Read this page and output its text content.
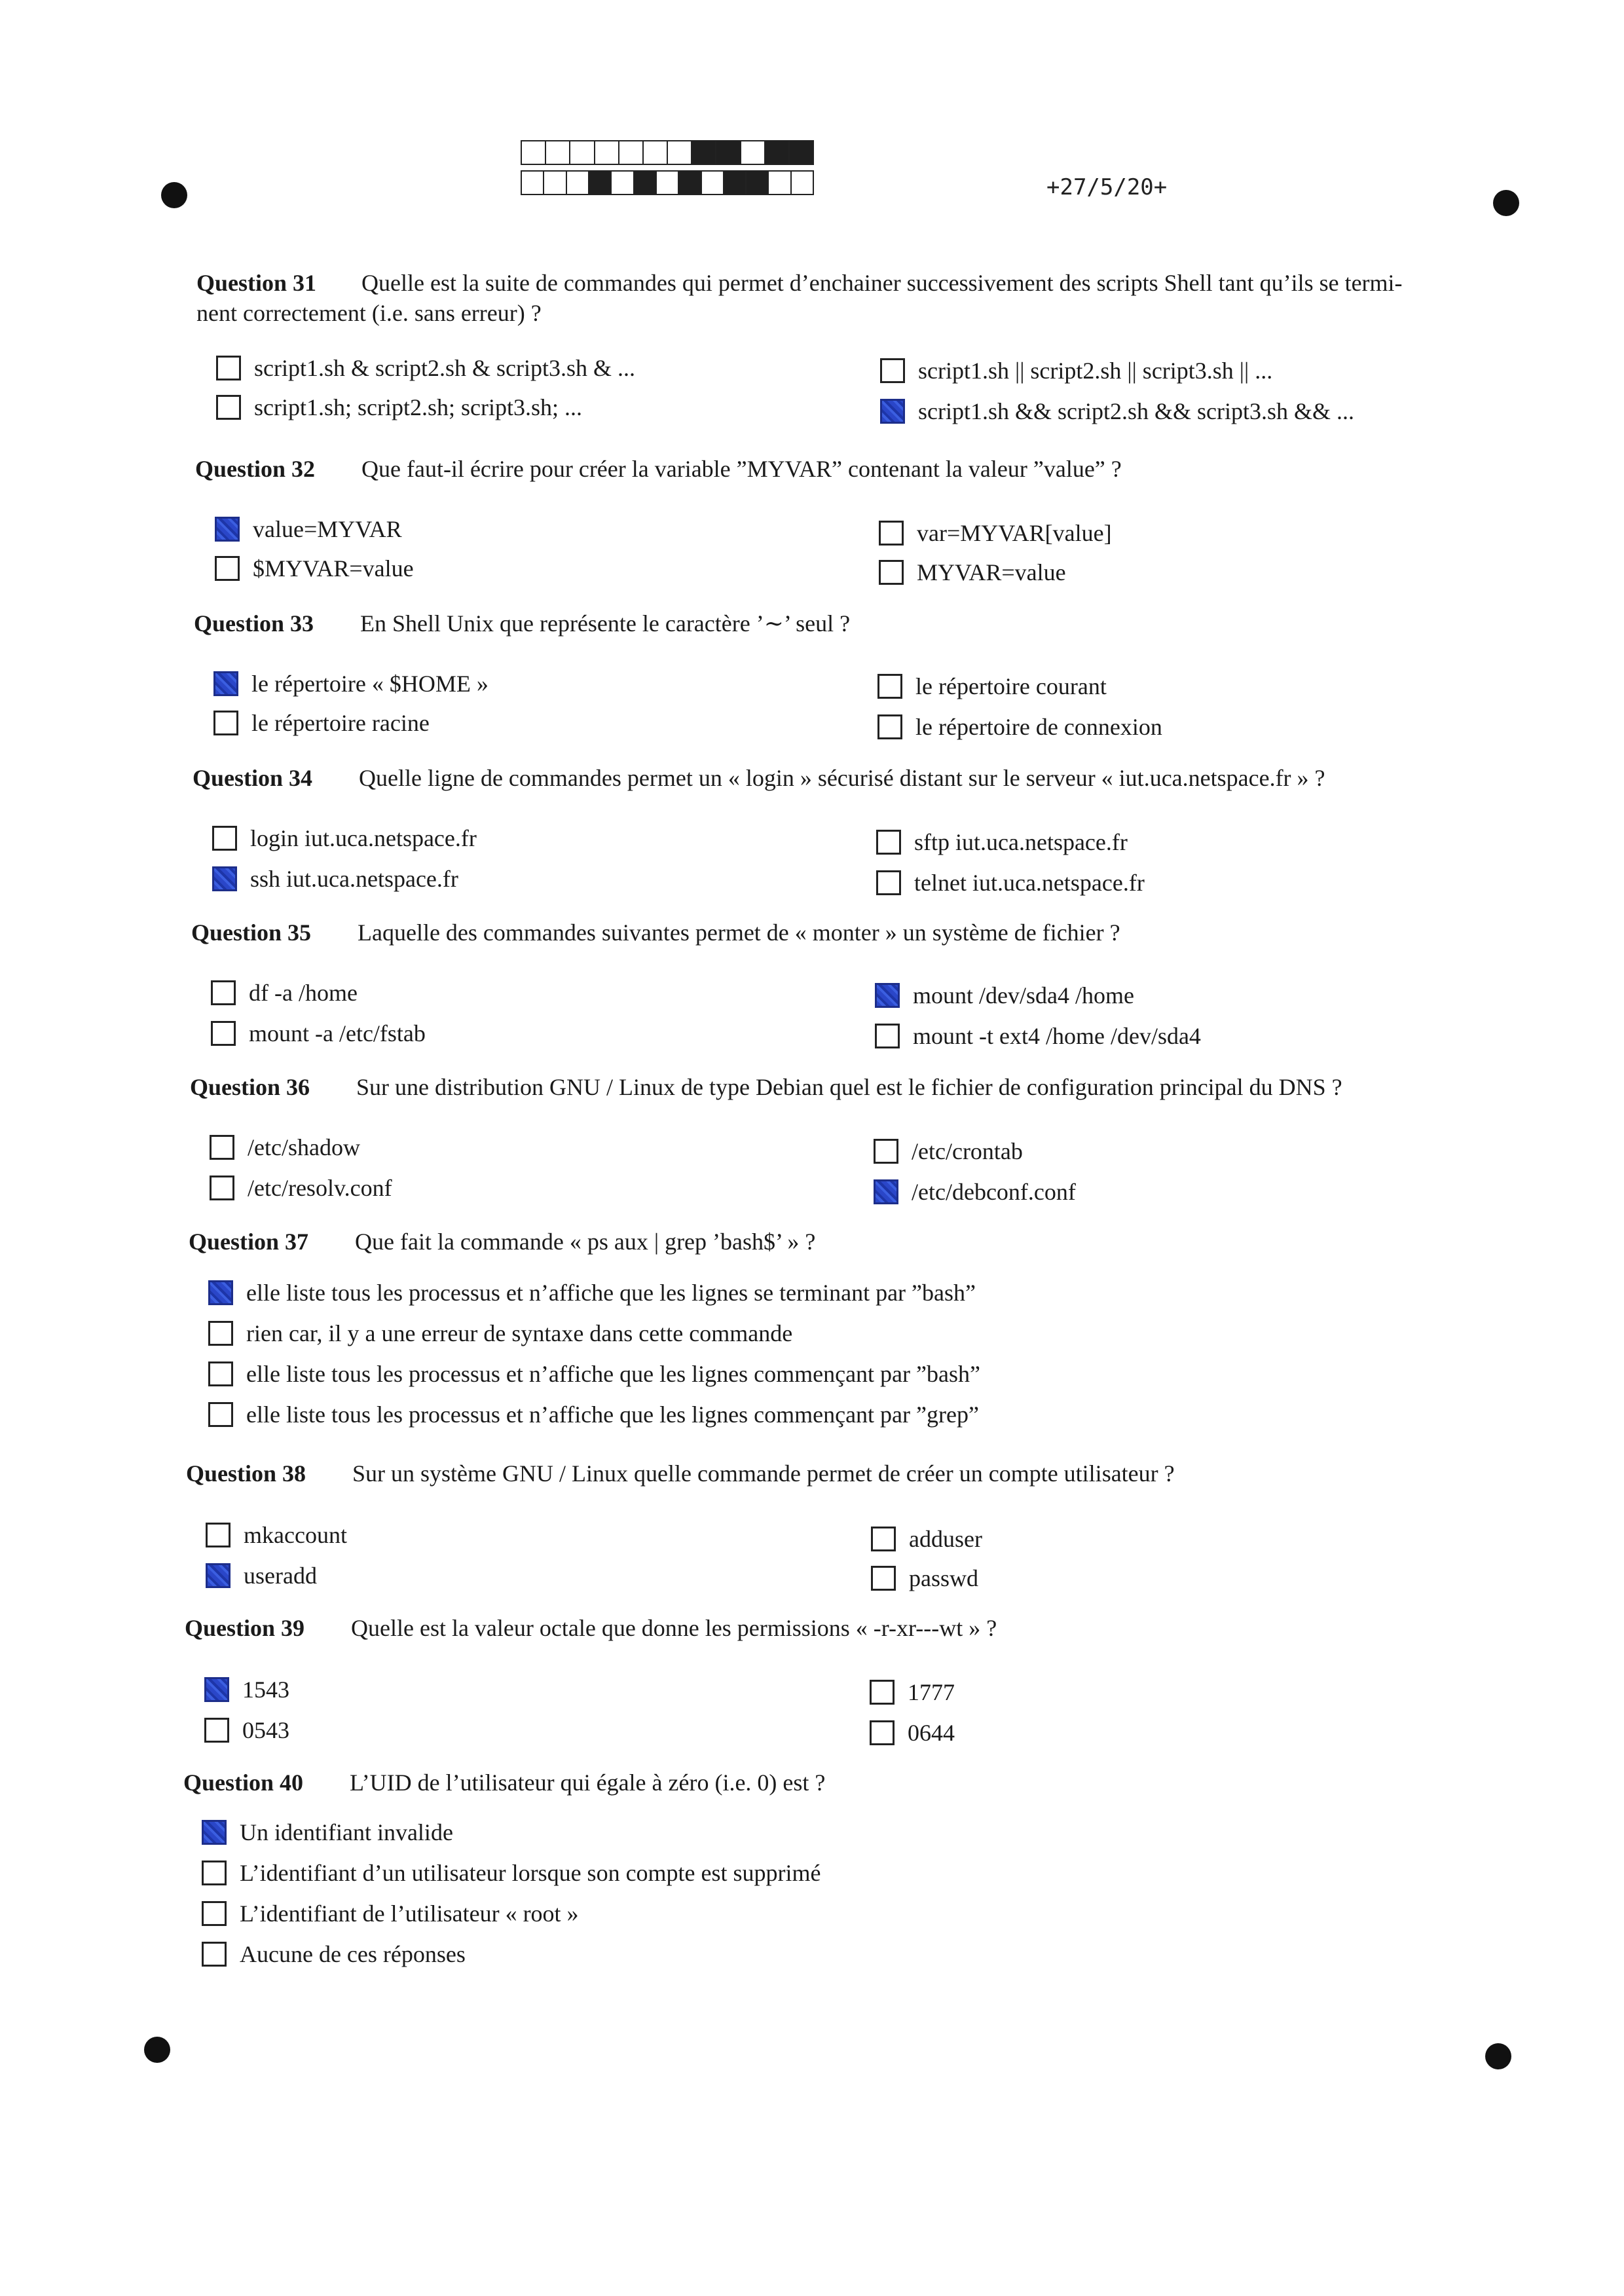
+27/5/20+
Question 31 Quelle est la suite de commandes qui permet d’enchainer successivement des scripts Shell tant qu’ils se termi-
nent correctement (i.e. sans erreur) ?
script1.sh & script2.sh & script3.sh & ...
script1.sh; script2.sh; script3.sh; ...
script1.sh || script2.sh || script3.sh || ...
script1.sh && script2.sh && script3.sh && ...
Question 32 Que faut-il écrire pour créer la variable ”MYVAR” contenant la valeur ”value” ?
value=MYVAR
$MYVAR=value
var=MYVAR[value]
MYVAR=value
Question 33 En Shell Unix que représente le caractère ’∼’ seul ?
le répertoire « $HOME »
le répertoire racine
le répertoire courant
le répertoire de connexion
Question 34 Quelle ligne de commandes permet un « login » sécurisé distant sur le serveur « iut.uca.netspace.fr » ?
login iut.uca.netspace.fr
ssh iut.uca.netspace.fr
sftp iut.uca.netspace.fr
telnet iut.uca.netspace.fr
Question 35 Laquelle des commandes suivantes permet de « monter » un système de fichier ?
df -a /home
mount -a /etc/fstab
mount /dev/sda4 /home
mount -t ext4 /home /dev/sda4
Question 36 Sur une distribution GNU / Linux de type Debian quel est le fichier de configuration principal du DNS ?
/etc/shadow
/etc/resolv.conf
/etc/crontab
/etc/debconf.conf
Question 37 Que fait la commande « ps aux | grep ’bash$’ » ?
elle liste tous les processus et n’affiche que les lignes se terminant par ”bash”
rien car, il y a une erreur de syntaxe dans cette commande
elle liste tous les processus et n’affiche que les lignes commençant par ”bash”
elle liste tous les processus et n’affiche que les lignes commençant par ”grep”
Question 38 Sur un système GNU / Linux quelle commande permet de créer un compte utilisateur ?
mkaccount
useradd
adduser
passwd
Question 39 Quelle est la valeur octale que donne les permissions « -r-xr---wt » ?
1543
0543
1777
0644
Question 40 L’UID de l’utilisateur qui égale à zéro (i.e. 0) est ?
Un identifiant invalide
L’identifiant d’un utilisateur lorsque son compte est supprimé
L’identifiant de l’utilisateur « root »
Aucune de ces réponses
